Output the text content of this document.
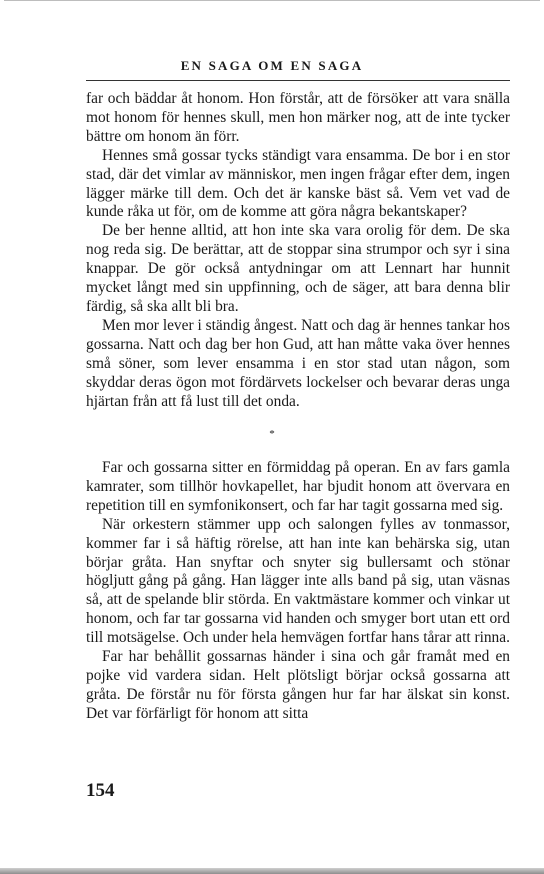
EN SAGA OM EN SAGA

far och bäddar åt honom. Hon förstår, att de försöker att vara snälla mot honom för hennes skull, men hon märker nog, att de inte tycker bättre om honom än förr.

Hennes små gossar tycks ständigt vara ensamma. De bor i en stor stad, där det vimlar av människor, men ingen frågar efter dem, ingen lägger märke till dem. Och det är kanske bäst så. Vem vet vad de kunde råka ut för, om de komme att göra några bekantskaper?

De ber henne alltid, att hon inte ska vara orolig för dem. De ska nog reda sig. De berättar, att de stoppar sina strumpor och syr i sina knappar. De gör också antydningar om att Lennart har hunnit mycket långt med sin uppfinning, och de säger, att bara denna blir färdig, så ska allt bli bra.

Men mor lever i ständig ångest. Natt och dag är hennes tankar hos gossarna. Natt och dag ber hon Gud, att han måtte vaka över hennes små söner, som lever ensamma i en stor stad utan någon, som skyddar deras ögon mot fördärvets lockelser och bevarar deras unga hjärtan från att få lust till det onda.

*

Far och gossarna sitter en förmiddag på operan. En av fars gamla kamrater, som tillhör hovkapellet, har bjudit honom att övervara en repetition till en symfonikonsert, och far har tagit gossarna med sig.

När orkestern stämmer upp och salongen fylles av tonmassor, kommer far i så häftig rörelse, att han inte kan behärska sig, utan börjar gråta. Han snyftar och snyter sig bullersamt och stönar högljutt gång på gång. Han lägger inte alls band på sig, utan väsnas så, att de spelande blir störda. En vaktmästare kommer och vinkar ut honom, och far tar gossarna vid handen och smyger bort utan ett ord till motsägelse. Och under hela hemvägen fortfar hans tårar att rinna.

Far har behållit gossarnas händer i sina och går framåt med en pojke vid vardera sidan. Helt plötsligt börjar också gossarna att gråta. De förstår nu för första gången hur far har älskat sin konst. Det var förfärligt för honom att sitta

154
